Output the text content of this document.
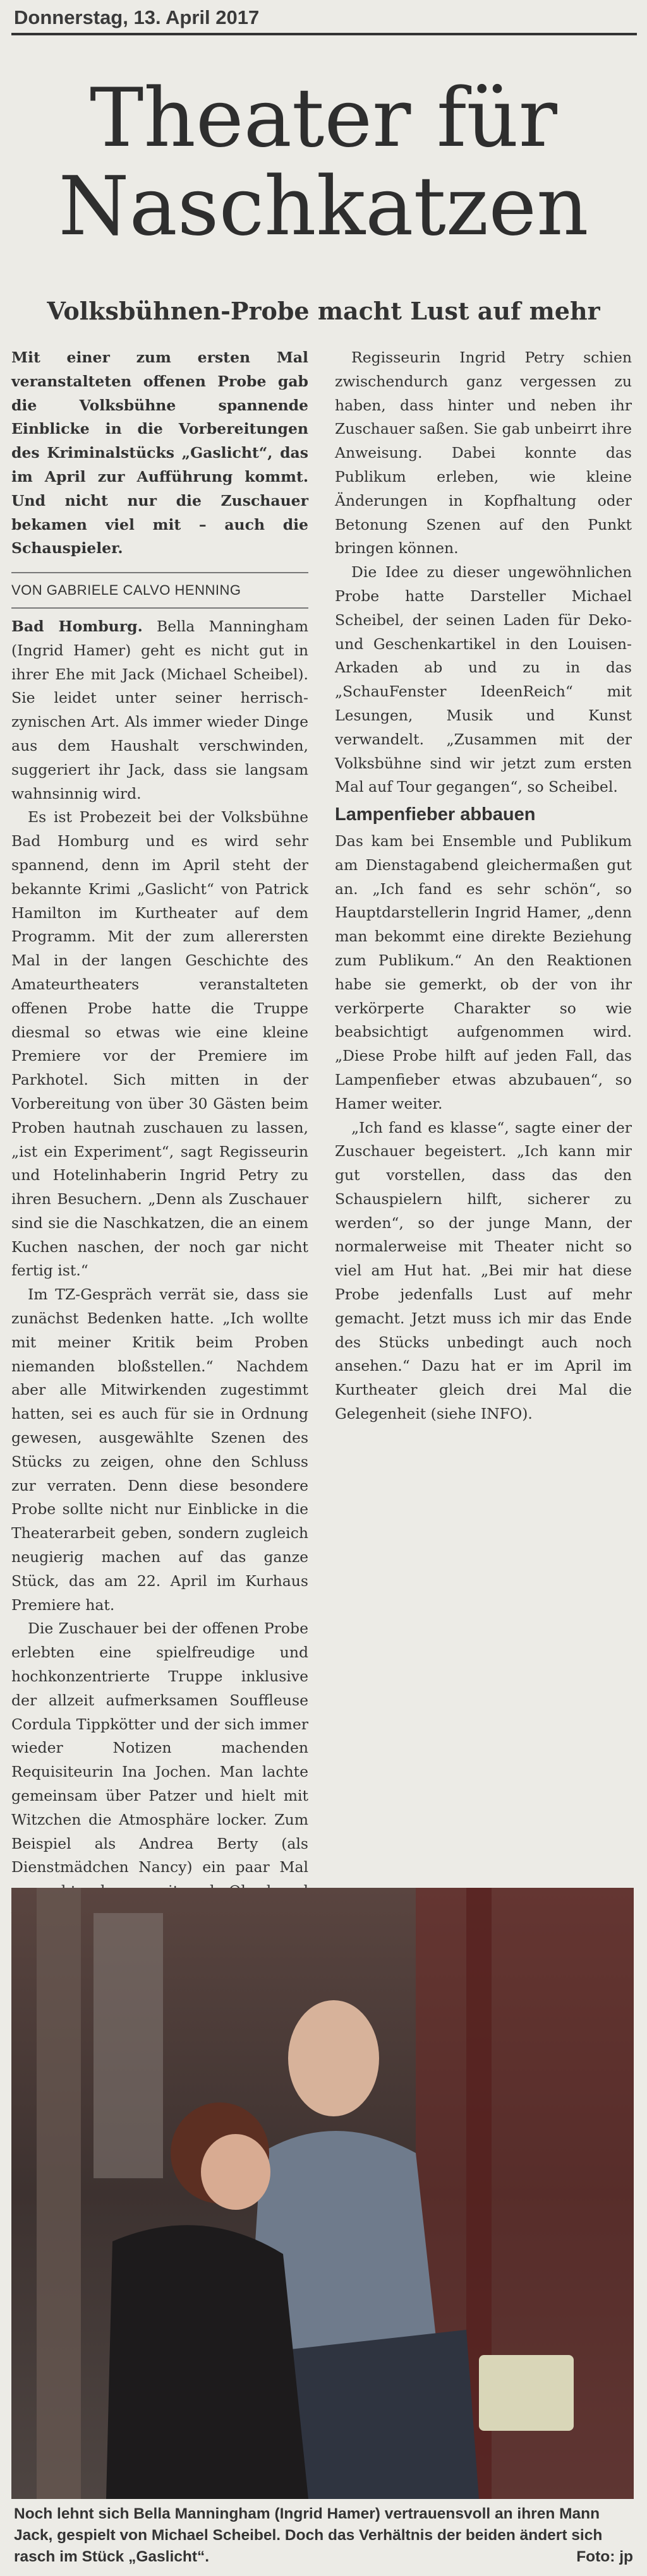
Donnerstag, 13. April 2017
Theater für
Naschkatzen
Volksbühnen-Probe macht Lust auf mehr

Mit einer zum ersten Mal veranstalteten offenen Probe gab die Volksbühne spannende Einblicke in die Vorbereitungen des Kriminalstücks „Gaslicht“, das im April zur Aufführung kommt. Und nicht nur die Zuschauer bekamen viel mit – auch die Schauspieler.

VON GABRIELE CALVO HENNING

Bad Homburg. Bella Manningham (Ingrid Hamer) geht es nicht gut in ihrer Ehe mit Jack (Michael Scheibel). Sie leidet unter seiner herrisch-zynischen Art. Als immer wieder Dinge aus dem Haushalt verschwinden, suggeriert ihr Jack, dass sie langsam wahnsinnig wird.

Es ist Probezeit bei der Volksbühne Bad Homburg und es wird sehr spannend, denn im April steht der bekannte Krimi „Gaslicht“ von Patrick Hamilton im Kurtheater auf dem Programm. Mit der zum allerersten Mal in der langen Geschichte des Amateurtheaters veranstalteten offenen Probe hatte die Truppe diesmal so etwas wie eine kleine Premiere vor der Premiere im Parkhotel. Sich mitten in der Vorbereitung von über 30 Gästen beim Proben hautnah zuschauen zu lassen, „ist ein Experiment“, sagt Regisseurin und Hotelinhaberin Ingrid Petry zu ihren Besuchern. „Denn als Zuschauer sind sie die Naschkatzen, die an einem Kuchen naschen, der noch gar nicht fertig ist.“

Im TZ-Gespräch verrät sie, dass sie zunächst Bedenken hatte. „Ich wollte mit meiner Kritik beim Proben niemanden bloßstellen.“ Nachdem aber alle Mitwirkenden zugestimmt hatten, sei es auch für sie in Ordnung gewesen, ausgewählte Szenen des Stücks zu zeigen, ohne den Schluss zur verraten. Denn diese besondere Probe sollte nicht nur Einblicke in die Theaterarbeit geben, sondern zugleich neugierig machen auf das ganze Stück, das am 22. April im Kurhaus Premiere hat.

Die Zuschauer bei der offenen Probe erlebten eine spielfreudige und hochkonzentrierte Truppe inklusive der allzeit aufmerksamen Souffleuse Cordula Tippkötter und der sich immer wieder Notizen machenden Requisiteurin Ina Jochen. Man lachte gemeinsam über Patzer und hielt mit Witzchen die Atmosphäre locker. Zum Beispiel als Andrea Berty (als Dienstmädchen Nancy) ein paar Mal

Regisseurin Ingrid Petry schien zwischendurch ganz vergessen zu haben, dass hinter und neben ihr Zuschauer saßen. Sie gab unbeirrt ihre Anweisung. Dabei konnte das Publikum erleben, wie kleine Änderungen in Kopfhaltung oder Betonung Szenen auf den Punkt bringen können.

Die Idee zu dieser ungewöhnlichen Probe hatte Darsteller Michael Scheibel, der seinen Laden für Deko- und Geschenkartikel in den Louisen-Arkaden ab und zu in das „SchauFenster IdeenReich“ mit Lesungen, Musik und Kunst verwandelt. „Zusammen mit der Volksbühne sind wir jetzt zum ersten Mal auf Tour gegangen“, so Scheibel.

Lampenfieber abbauen

Das kam bei Ensemble und Publikum am Dienstagabend gleichermaßen gut an. „Ich fand es sehr schön“, so Hauptdarstellerin Ingrid Hamer, „denn man bekommt eine direkte Beziehung zum Publikum.“ An den Reaktionen habe sie gemerkt, ob der von ihr verkörperte Charakter so wie beabsichtigt aufgenommen wird. „Diese Probe hilft auf jeden Fall, das Lampenfieber etwas abzubauen“, so Hamer weiter.

„Ich fand es klasse“, sagte einer der Zuschauer begeistert. „Ich kann mir gut vorstellen, dass das den Schauspielern hilft, sicherer zu werden“, so der junge Mann, der normalerweise mit Theater nicht so viel am Hut hat. „Bei mir hat diese Probe jedenfalls Lust auf mehr gemacht. Jetzt muss ich mir das Ende des Stücks unbedingt auch noch ansehen.“ Dazu hat er im April im Kurtheater gleich drei Mal die Gelegenheit (siehe INFO).

Noch lehnt sich Bella Manningham (Ingrid Hamer) vertrauensvoll an ihren Mann Jack, gespielt von Michael Scheibel. Doch das Verhältnis der beiden ändert sich rasch im Stück „Gaslicht“.	Foto: jp
